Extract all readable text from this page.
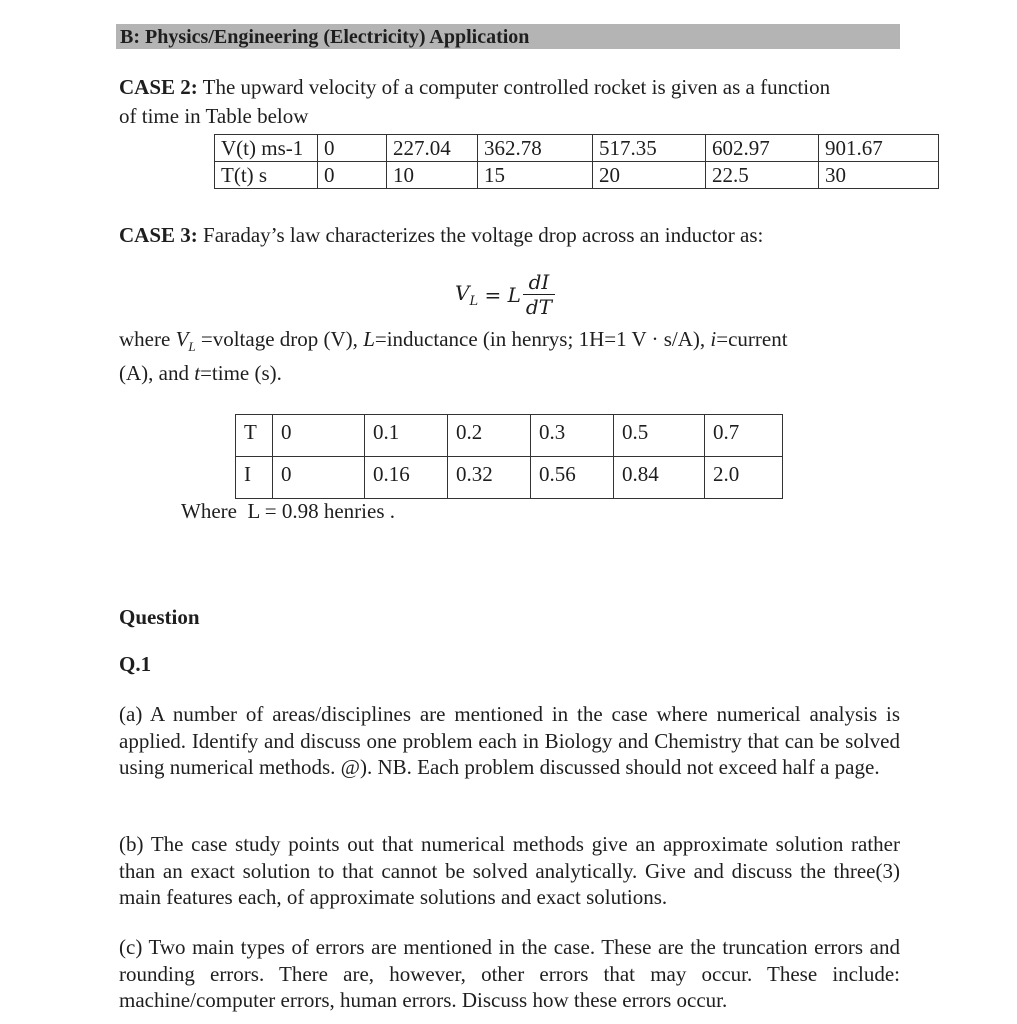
B: Physics/Engineering (Electricity) Application
CASE 2: The upward velocity of a computer controlled rocket is given as a function
of time in Table below
V(t) ms-1	0	227.04	362.78	517.35	602.97	901.67
T(t) s	0	10	15	20	22.5	30
CASE 3: Faraday’s law characterizes the voltage drop across an inductor as:
$V_L = L \frac{dI}{dT}$
where $V_L$ =voltage drop (V), L=inductance (in henrys; 1H=1 V · s/A), i=current
(A), and t=time (s).
T	0	0.1	0.2	0.3	0.5	0.7
I	0	0.16	0.32	0.56	0.84	2.0
Where  L = 0.98 henries .
Question
Q.1
(a) A number of areas/disciplines are mentioned in the case where numerical analysis is applied. Identify and discuss one problem each in Biology and Chemistry that can be solved using numerical methods. @). NB. Each problem discussed should not exceed half a page.
(b) The case study points out that numerical methods give an approximate solution rather than an exact solution to that cannot be solved analytically. Give and discuss the three(3) main features each, of approximate solutions and exact solutions.
(c) Two main types of errors are mentioned in the case. These are the truncation errors and rounding errors. There are, however, other errors that may occur. These include: machine/computer errors, human errors. Discuss how these errors occur.
